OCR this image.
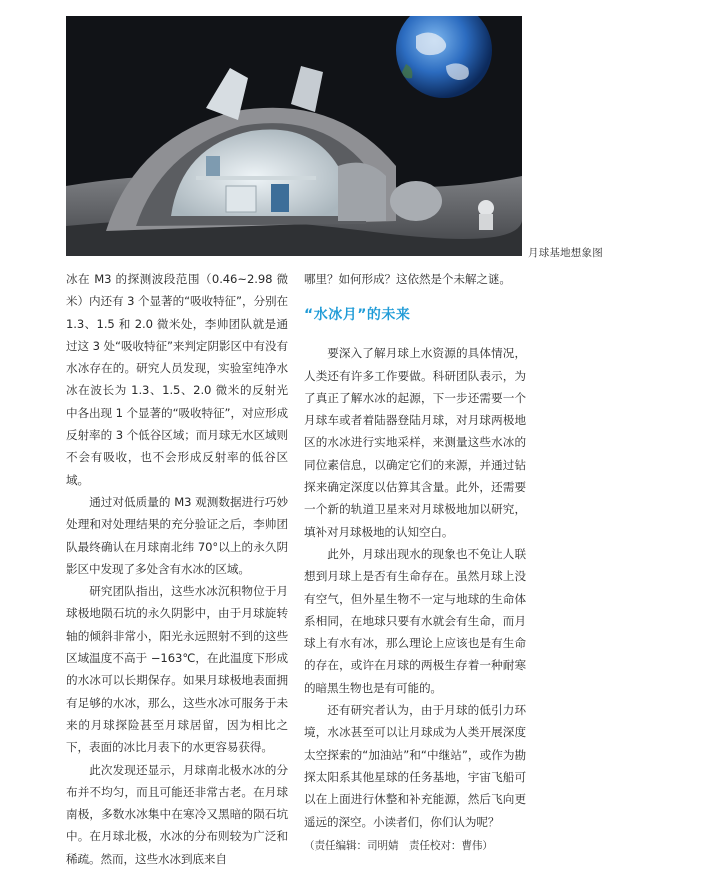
月球基地想象图

冰在 M3 的探测波段范围（0.46~2.98 微米）内还有 3 个显著的“吸收特征”，分别在 1.3、1.5 和 2.0 微米处，李帅团队就是通过这 3 处“吸收特征”来判定阴影区中有没有水冰存在的。研究人员发现，实验室纯净水冰在波长为 1.3、1.5、2.0 微米的反射光中各出现 1 个显著的“吸收特征”，对应形成反射率的 3 个低谷区域；而月球无水区域则不会有吸收，也不会形成反射率的低谷区域。

通过对低质量的 M3 观测数据进行巧妙处理和对处理结果的充分验证之后，李帅团队最终确认在月球南北纬 70°以上的永久阴影区中发现了多处含有水冰的区域。

研究团队指出，这些水冰沉积物位于月球极地陨石坑的永久阴影中，由于月球旋转轴的倾斜非常小，阳光永远照射不到的这些区域温度不高于 −163℃，在此温度下形成的水冰可以长期保存。如果月球极地表面拥有足够的水冰，那么，这些水冰可服务于未来的月球探险甚至月球居留，因为相比之下，表面的冰比月表下的水更容易获得。

此次发现还显示，月球南北极水冰的分布并不均匀，而且可能还非常古老。在月球南极，多数水冰集中在寒冷又黑暗的陨石坑中。在月球北极，水冰的分布则较为广泛和稀疏。然而，这些水冰到底来自

哪里？如何形成？这依然是个未解之谜。

“水冰月”的未来

要深入了解月球上水资源的具体情况，人类还有许多工作要做。科研团队表示，为了真正了解水冰的起源，下一步还需要一个月球车或者着陆器登陆月球，对月球两极地区的水冰进行实地采样，来测量这些水冰的同位素信息，以确定它们的来源，并通过钻探来确定深度以估算其含量。此外，还需要一个新的轨道卫星来对月球极地加以研究，填补对月球极地的认知空白。

此外，月球出现水的现象也不免让人联想到月球上是否有生命存在。虽然月球上没有空气，但外星生物不一定与地球的生命体系相同，在地球只要有水就会有生命，而月球上有水有冰，那么理论上应该也是有生命的存在，或许在月球的两极生存着一种耐寒的暗黑生物也是有可能的。

还有研究者认为，由于月球的低引力环境，水冰甚至可以让月球成为人类开展深度太空探索的“加油站”和“中继站”，或作为勘探太阳系其他星球的任务基地，宇宙飞船可以在上面进行休整和补充能源，然后飞向更遥远的深空。小读者们，你们认为呢？

（责任编辑：司明婧　责任校对：曹伟）
